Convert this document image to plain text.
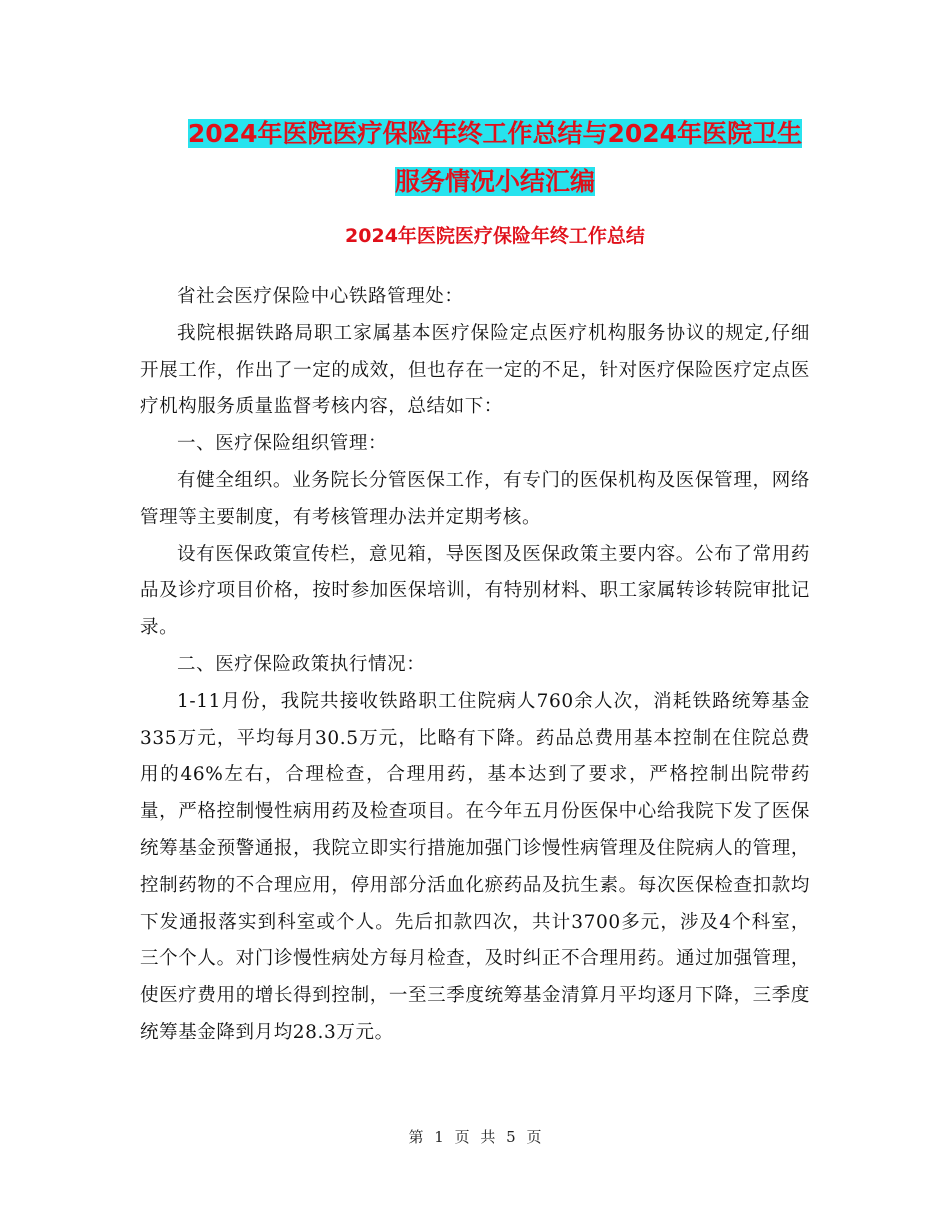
2024年医院医疗保险年终工作总结与2024年医院卫生
服务情况小结汇编
2024年医院医疗保险年终工作总结

省社会医疗保险中心铁路管理处：

我院根据铁路局职工家属基本医疗保险定点医疗机构服务协议的规定,仔细开展工作，作出了一定的成效，但也存在一定的不足，针对医疗保险医疗定点医疗机构服务质量监督考核内容，总结如下：

一、医疗保险组织管理：

有健全组织。业务院长分管医保工作，有专门的医保机构及医保管理，网络管理等主要制度，有考核管理办法并定期考核。

设有医保政策宣传栏，意见箱，导医图及医保政策主要内容。公布了常用药品及诊疗项目价格，按时参加医保培训，有特别材料、职工家属转诊转院审批记录。

二、医疗保险政策执行情况：

1-11月份，我院共接收铁路职工住院病人760余人次，消耗铁路统筹基金335万元，平均每月30.5万元，比略有下降。药品总费用基本控制在住院总费用的46%左右，合理检查，合理用药，基本达到了要求，严格控制出院带药量，严格控制慢性病用药及检查项目。在今年五月份医保中心给我院下发了医保统筹基金预警通报，我院立即实行措施加强门诊慢性病管理及住院病人的管理，控制药物的不合理应用，停用部分活血化瘀药品及抗生素。每次医保检查扣款均下发通报落实到科室或个人。先后扣款四次，共计3700多元，涉及4个科室，三个个人。对门诊慢性病处方每月检查，及时纠正不合理用药。通过加强管理，使医疗费用的增长得到控制，一至三季度统筹基金清算月平均逐月下降，三季度统筹基金降到月均28.3万元。

第 1 页 共 5 页
